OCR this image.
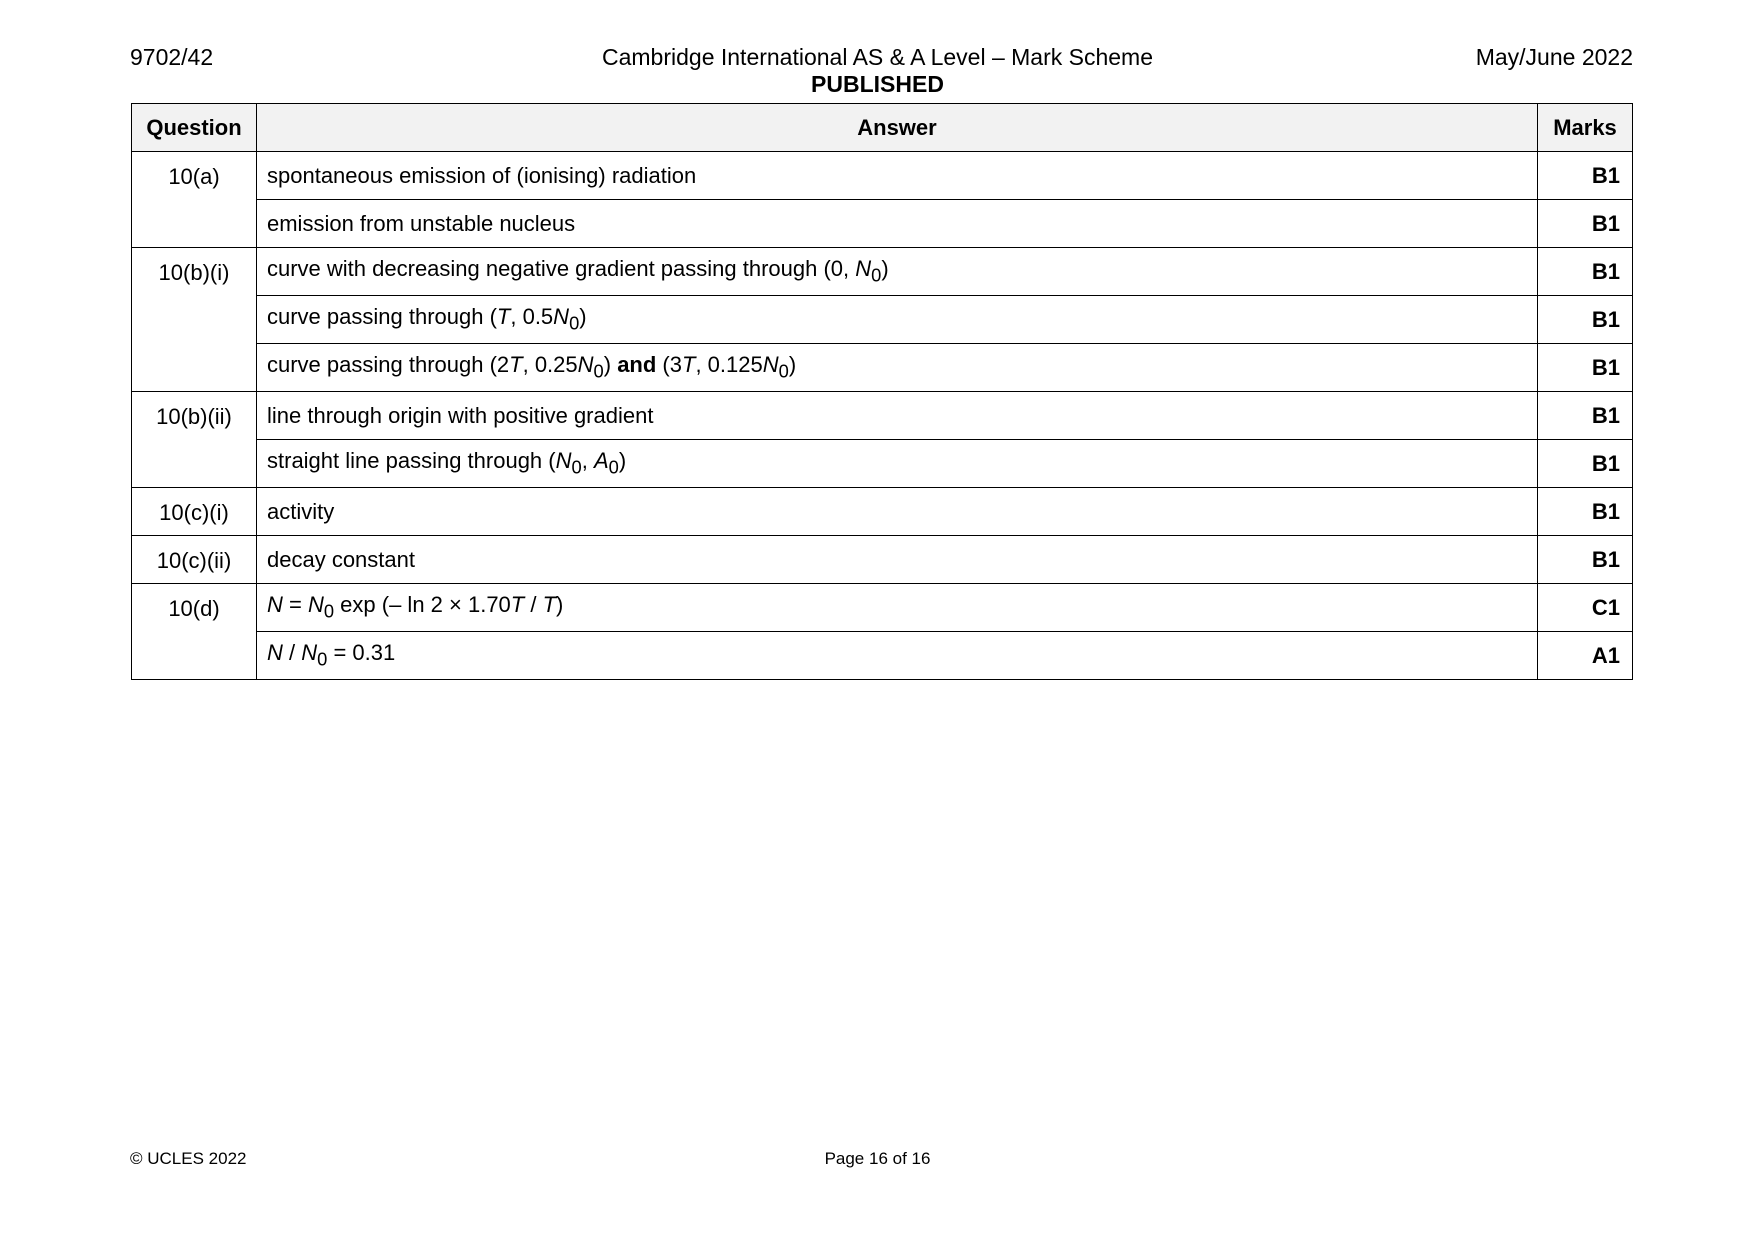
9702/42	Cambridge International AS & A Level – Mark Scheme
PUBLISHED
May/June 2022
Question	Answer	Marks
10(a)	spontaneous emission of (ionising) radiation	B1
	emission from unstable nucleus	B1
10(b)(i)	curve with decreasing negative gradient passing through (0, $N_0$)	B1
	curve passing through (T, $0.5N_0$)	B1
	curve passing through (2T, $0.25N_0$) and (3T, $0.125N_0$)	B1
10(b)(ii)	line through origin with positive gradient	B1
	straight line passing through ($N_0$, $A_0$)	B1
10(c)(i)	activity	B1
10(c)(ii)	decay constant	B1
10(d)	$N = N_0$ exp (– ln 2 × 1.70T / T)	C1
	$N / N_0 = 0.31$	A1
© UCLES 2022	Page 16 of 16
